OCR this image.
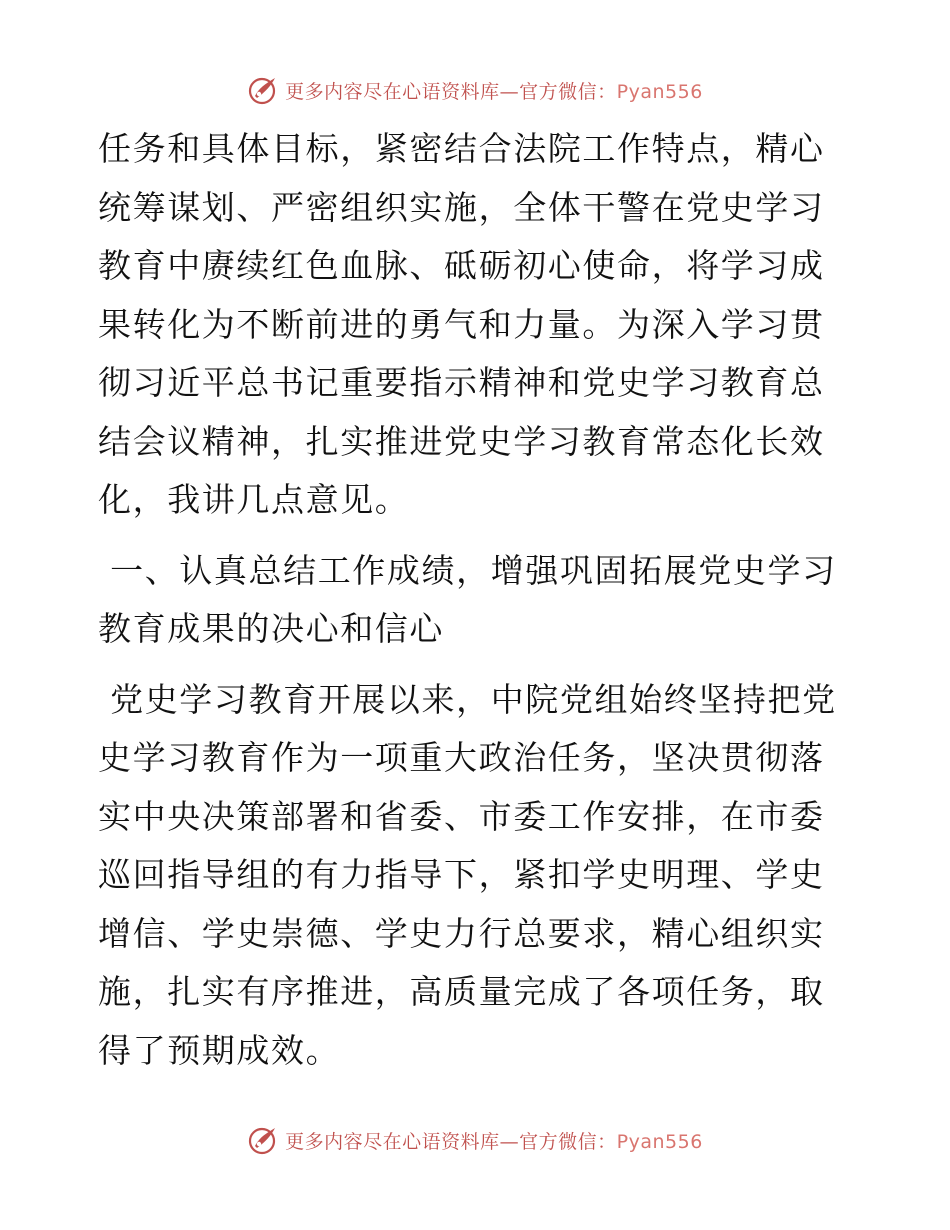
更多内容尽在心语资料库—官方微信：Pyan556

任务和具体目标，紧密结合法院工作特点，精心统筹谋划、严密组织实施，全体干警在党史学习教育中赓续红色血脉、砥砺初心使命，将学习成果转化为不断前进的勇气和力量。为深入学习贯彻习近平总书记重要指示精神和党史学习教育总结会议精神，扎实推进党史学习教育常态化长效化，我讲几点意见。

一、认真总结工作成绩，增强巩固拓展党史学习教育成果的决心和信心

党史学习教育开展以来，中院党组始终坚持把党史学习教育作为一项重大政治任务，坚决贯彻落实中央决策部署和省委、市委工作安排，在市委巡回指导组的有力指导下，紧扣学史明理、学史增信、学史崇德、学史力行总要求，精心组织实施，扎实有序推进，高质量完成了各项任务，取得了预期成效。

更多内容尽在心语资料库—官方微信：Pyan556
